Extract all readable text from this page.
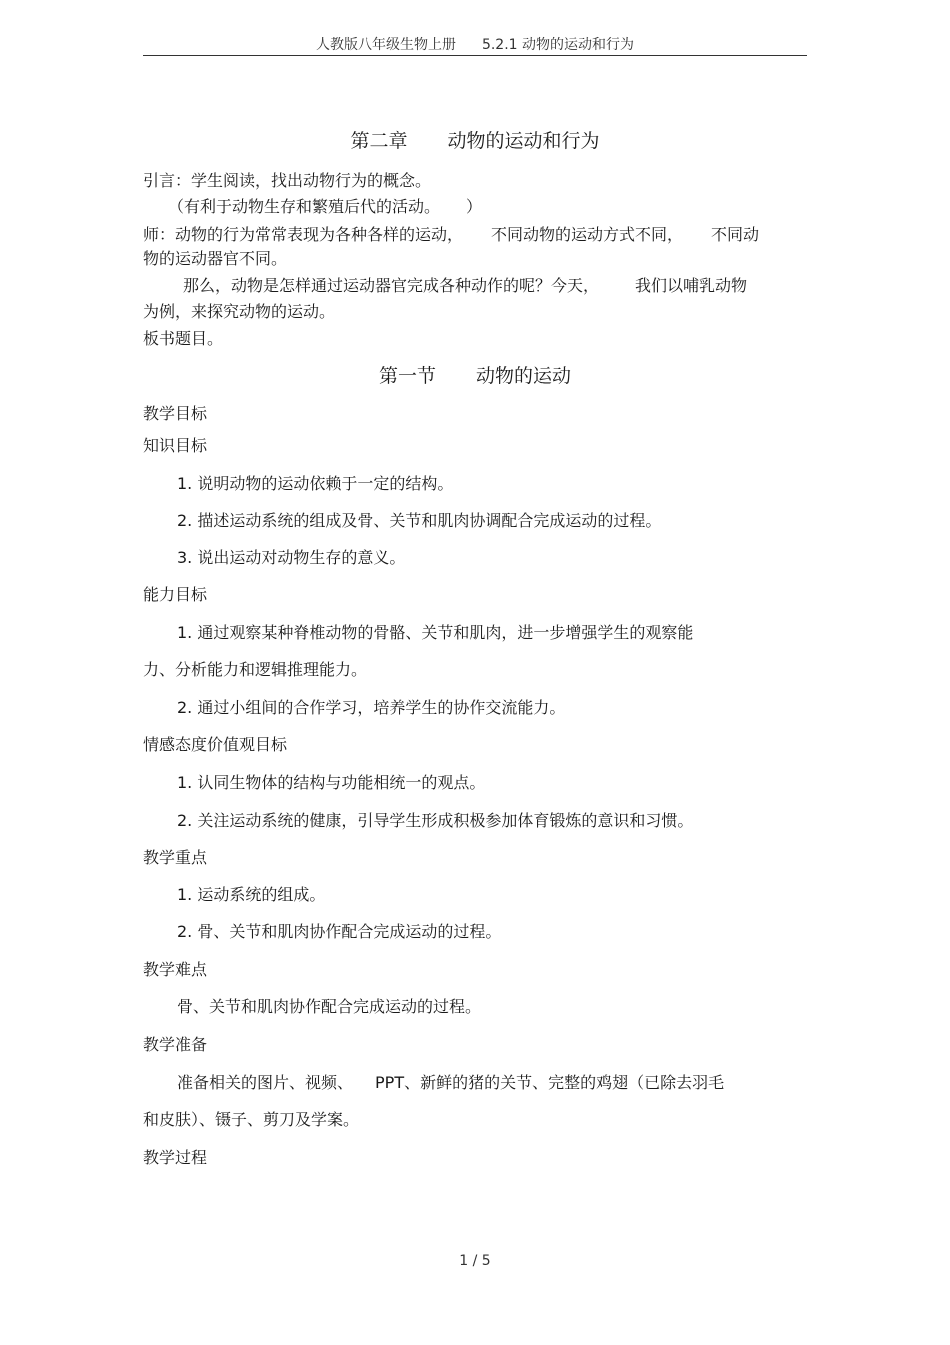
人教版八年级生物上册 5.2.1 动物的运动和行为
第二章 动物的运动和行为
引言：学生阅读，找出动物行为的概念。
（有利于动物生存和繁殖后代的活动。 ）
师：动物的行为常常表现为各种各样的运动， 不同动物的运动方式不同， 不同动
物的运动器官不同。
那么，动物是怎样通过运动器官完成各种动作的呢？今天， 我们以哺乳动物
为例，来探究动物的运动。
板书题目。
第一节 动物的运动
教学目标
知识目标
1. 说明动物的运动依赖于一定的结构。
2. 描述运动系统的组成及骨、关节和肌肉协调配合完成运动的过程。
3. 说出运动对动物生存的意义。
能力目标
1. 通过观察某种脊椎动物的骨骼、关节和肌肉，进一步增强学生的观察能
力、分析能力和逻辑推理能力。
2. 通过小组间的合作学习，培养学生的协作交流能力。
情感态度价值观目标
1. 认同生物体的结构与功能相统一的观点。
2. 关注运动系统的健康，引导学生形成积极参加体育锻炼的意识和习惯。
教学重点
1. 运动系统的组成。
2. 骨、关节和肌肉协作配合完成运动的过程。
教学难点
骨、关节和肌肉协作配合完成运动的过程。
教学准备
准备相关的图片、视频、 PPT、新鲜的猪的关节、完整的鸡翅（已除去羽毛
和皮肤）、镊子、剪刀及学案。
教学过程
1 / 5
